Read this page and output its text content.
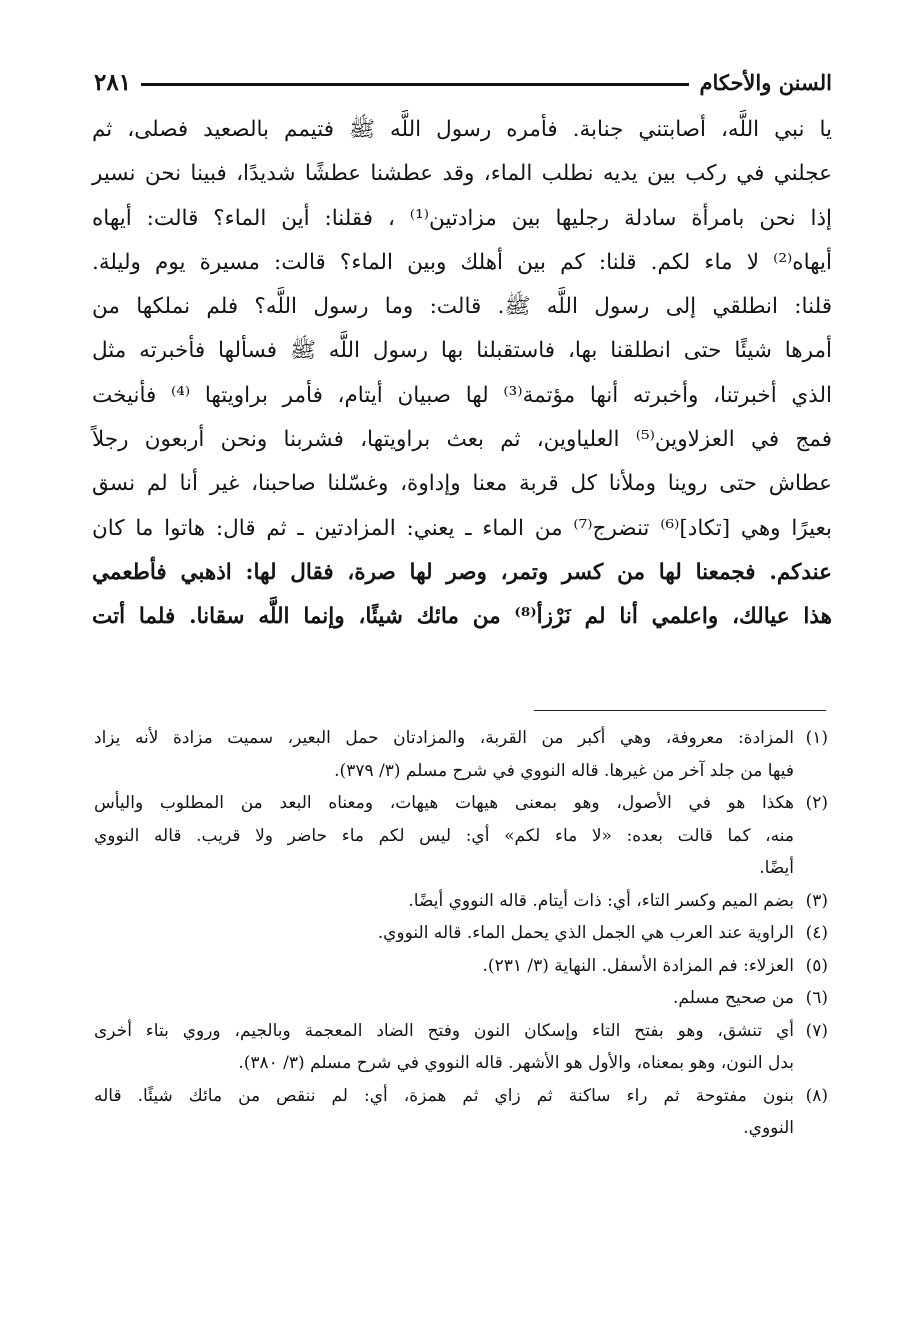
السنن والأحكام
٢٨١
يا نبي اللَّه، أصابتني جنابة. فأمره رسول اللَّه ﷺ فتيمم بالصعيد فصلى، ثم
عجلني في ركب بين يديه نطلب الماء، وقد عطشنا عطشًا شديدًا، فبينا نحن نسير
إذا نحن بامرأة سادلة رجليها بين مزادتين⁽¹⁾ ، فقلنا: أين الماء؟ قالت: أيهاه
أيهاه⁽²⁾ لا ماء لكم. قلنا: كم بين أهلك وبين الماء؟ قالت: مسيرة يوم وليلة.
قلنا: انطلقي إلى رسول اللَّه ﷺ. قالت: وما رسول اللَّه؟ فلم نملكها من
أمرها شيئًا حتى انطلقنا بها، فاستقبلنا بها رسول اللَّه ﷺ فسألها فأخبرته مثل
الذي أخبرتنا، وأخبرته أنها مؤتمة⁽³⁾ لها صبيان أيتام، فأمر براويتها ⁽⁴⁾ فأنيخت
فمج في العزلاوين⁽⁵⁾ العلياوين، ثم بعث براويتها، فشربنا ونحن أربعون رجلاً
عطاش حتى روينا وملأنا كل قربة معنا وإداوة، وغسّلنا صاحبنا، غير أنا لم نسق
بعيرًا وهي [تكاد]⁽⁶⁾ تنضرج⁽⁷⁾ من الماء ـ يعني: المزادتين ـ ثم قال: هاتوا ما كان
عندكم. فجمعنا لها من كسر وتمر، وصر لها صرة، فقال لها: اذهبي فأطعمي
هذا عيالك، واعلمي أنا لم نَرْزأ⁽⁸⁾ من مائك شيئًا، وإنما اللَّه سقانا. فلما أتت
(١)
المزادة: معروفة، وهي أكبر من القربة، والمزادتان حمل البعير، سميت مزادة لأنه يزاد
فيها من جلد آخر من غيرها. قاله النووي في شرح مسلم (٣/ ٣٧٩).
(٢)
هكذا هو في الأصول، وهو بمعنى هيهات هيهات، ومعناه البعد من المطلوب واليأس
منه، كما قالت بعده: «لا ماء لكم» أي: ليس لكم ماء حاضر ولا قريب. قاله النووي
أيضًا.
(٣)
بضم الميم وكسر التاء، أي: ذات أيتام. قاله النووي أيضًا.
(٤)
الراوية عند العرب هي الجمل الذي يحمل الماء. قاله النووي.
(٥)
العزلاء: فم المزادة الأسفل. النهاية (٣/ ٢٣١).
(٦)
من صحيح مسلم.
(٧)
أي تنشق، وهو بفتح التاء وإسكان النون وفتح الضاد المعجمة وبالجيم، وروي بتاء أخرى
بدل النون، وهو بمعناه، والأول هو الأشهر. قاله النووي في شرح مسلم (٣/ ٣٨٠).
(٨)
بنون مفتوحة ثم راء ساكنة ثم زاي ثم همزة، أي: لم ننقص من مائك شيئًا. قاله
النووي.
